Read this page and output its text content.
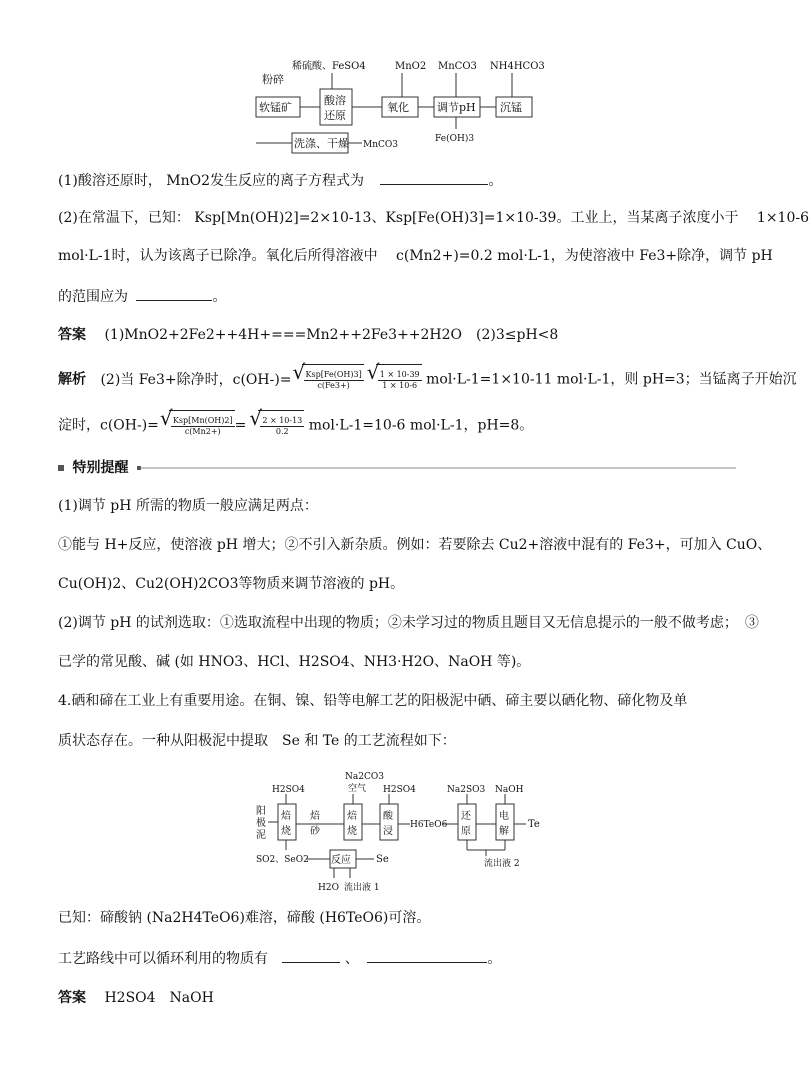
稀硫酸、FeSO4	MnO2 MnCO3 NH4HCO3
粉碎
软锰矿
酸溶
还原
氧化	调节pH 沉锰
Fe(OH)3
洗涤、干燥 MnCO3
(1)酸溶还原时， MnO2发生反应的离子方程式为	。
(2)在常温下，已知： Ksp[Mn(OH)2]=2×10-13、Ksp[Fe(OH)3]=1×10-39。工业上，当某离子浓度小于 1×10-6
mol·L-1时，认为该离子已除净。氧化后所得溶液中 c(Mn2+)=0.2 mol·L-1，为使溶液中 Fe3+除净，调节 pH
的范围应为	。
答案 (1)MnO2+2Fe2++4H+===Mn2++2Fe3++2H2O　(2)3≤pH<8
解析 (2)当 Fe3+除净时，c(OH-)= √ $\frac{\text{Ksp[Fe(OH)3]}}{c(Fe3+)}$ √ $\frac{1 \times 10-39}{1 \times 10-6} mol\cdot L-1=1\times 10-11$ mol·L-1，则 pH=3；当锰离子开始沉
淀时，c(OH-)= √ $\frac{\text{Ksp[Mn(OH)2]}}{c(Mn2+)}$ = √ $\frac{2 \times 10-13}{0.2} mol\cdot L-1=10-6$ mol·L-1，pH=8。
特别提醒
(1)调节 pH 所需的物质一般应满足两点：
①能与 H+反应，使溶液 pH 增大；②不引入新杂质。例如：若要除去 Cu2+溶液中混有的 Fe3+，可加入 CuO、
Cu(OH)2、Cu2(OH)2CO3等物质来调节溶液的 pH。
(2)调节 pH 的试剂选取：①选取流程中出现的物质；②未学习过的物质且题目又无信息提示的一般不做考虑；　③
已学的常见酸、碱 (如 HNO3、HCl、H2SO4、NH3·H2O、NaOH 等)。
4.硒和碲在工业上有重要用途。在铜、镍、铅等电解工艺的阳极泥中硒、碲主要以硒化物、碲化物及单
质状态存在。一种从阳极泥中提取　Se 和 Te 的工艺流程如下：
Na2CO3
空气
H2SO4	H2SO4	Na2SO3 NaOH
阳
极
泥
焙
烧
焙
砂
焙
烧
酸
浸
H6TeO6
还
原
电
解
Te
SO2、SeO2 反应	Se
H2O 流出液 1
流出液 2
已知：碲酸钠 (Na2H4TeO6)难溶，碲酸 (H6TeO6)可溶。
工艺路线中可以循环利用的物质有	、	。
答案 H2SO4　NaOH
